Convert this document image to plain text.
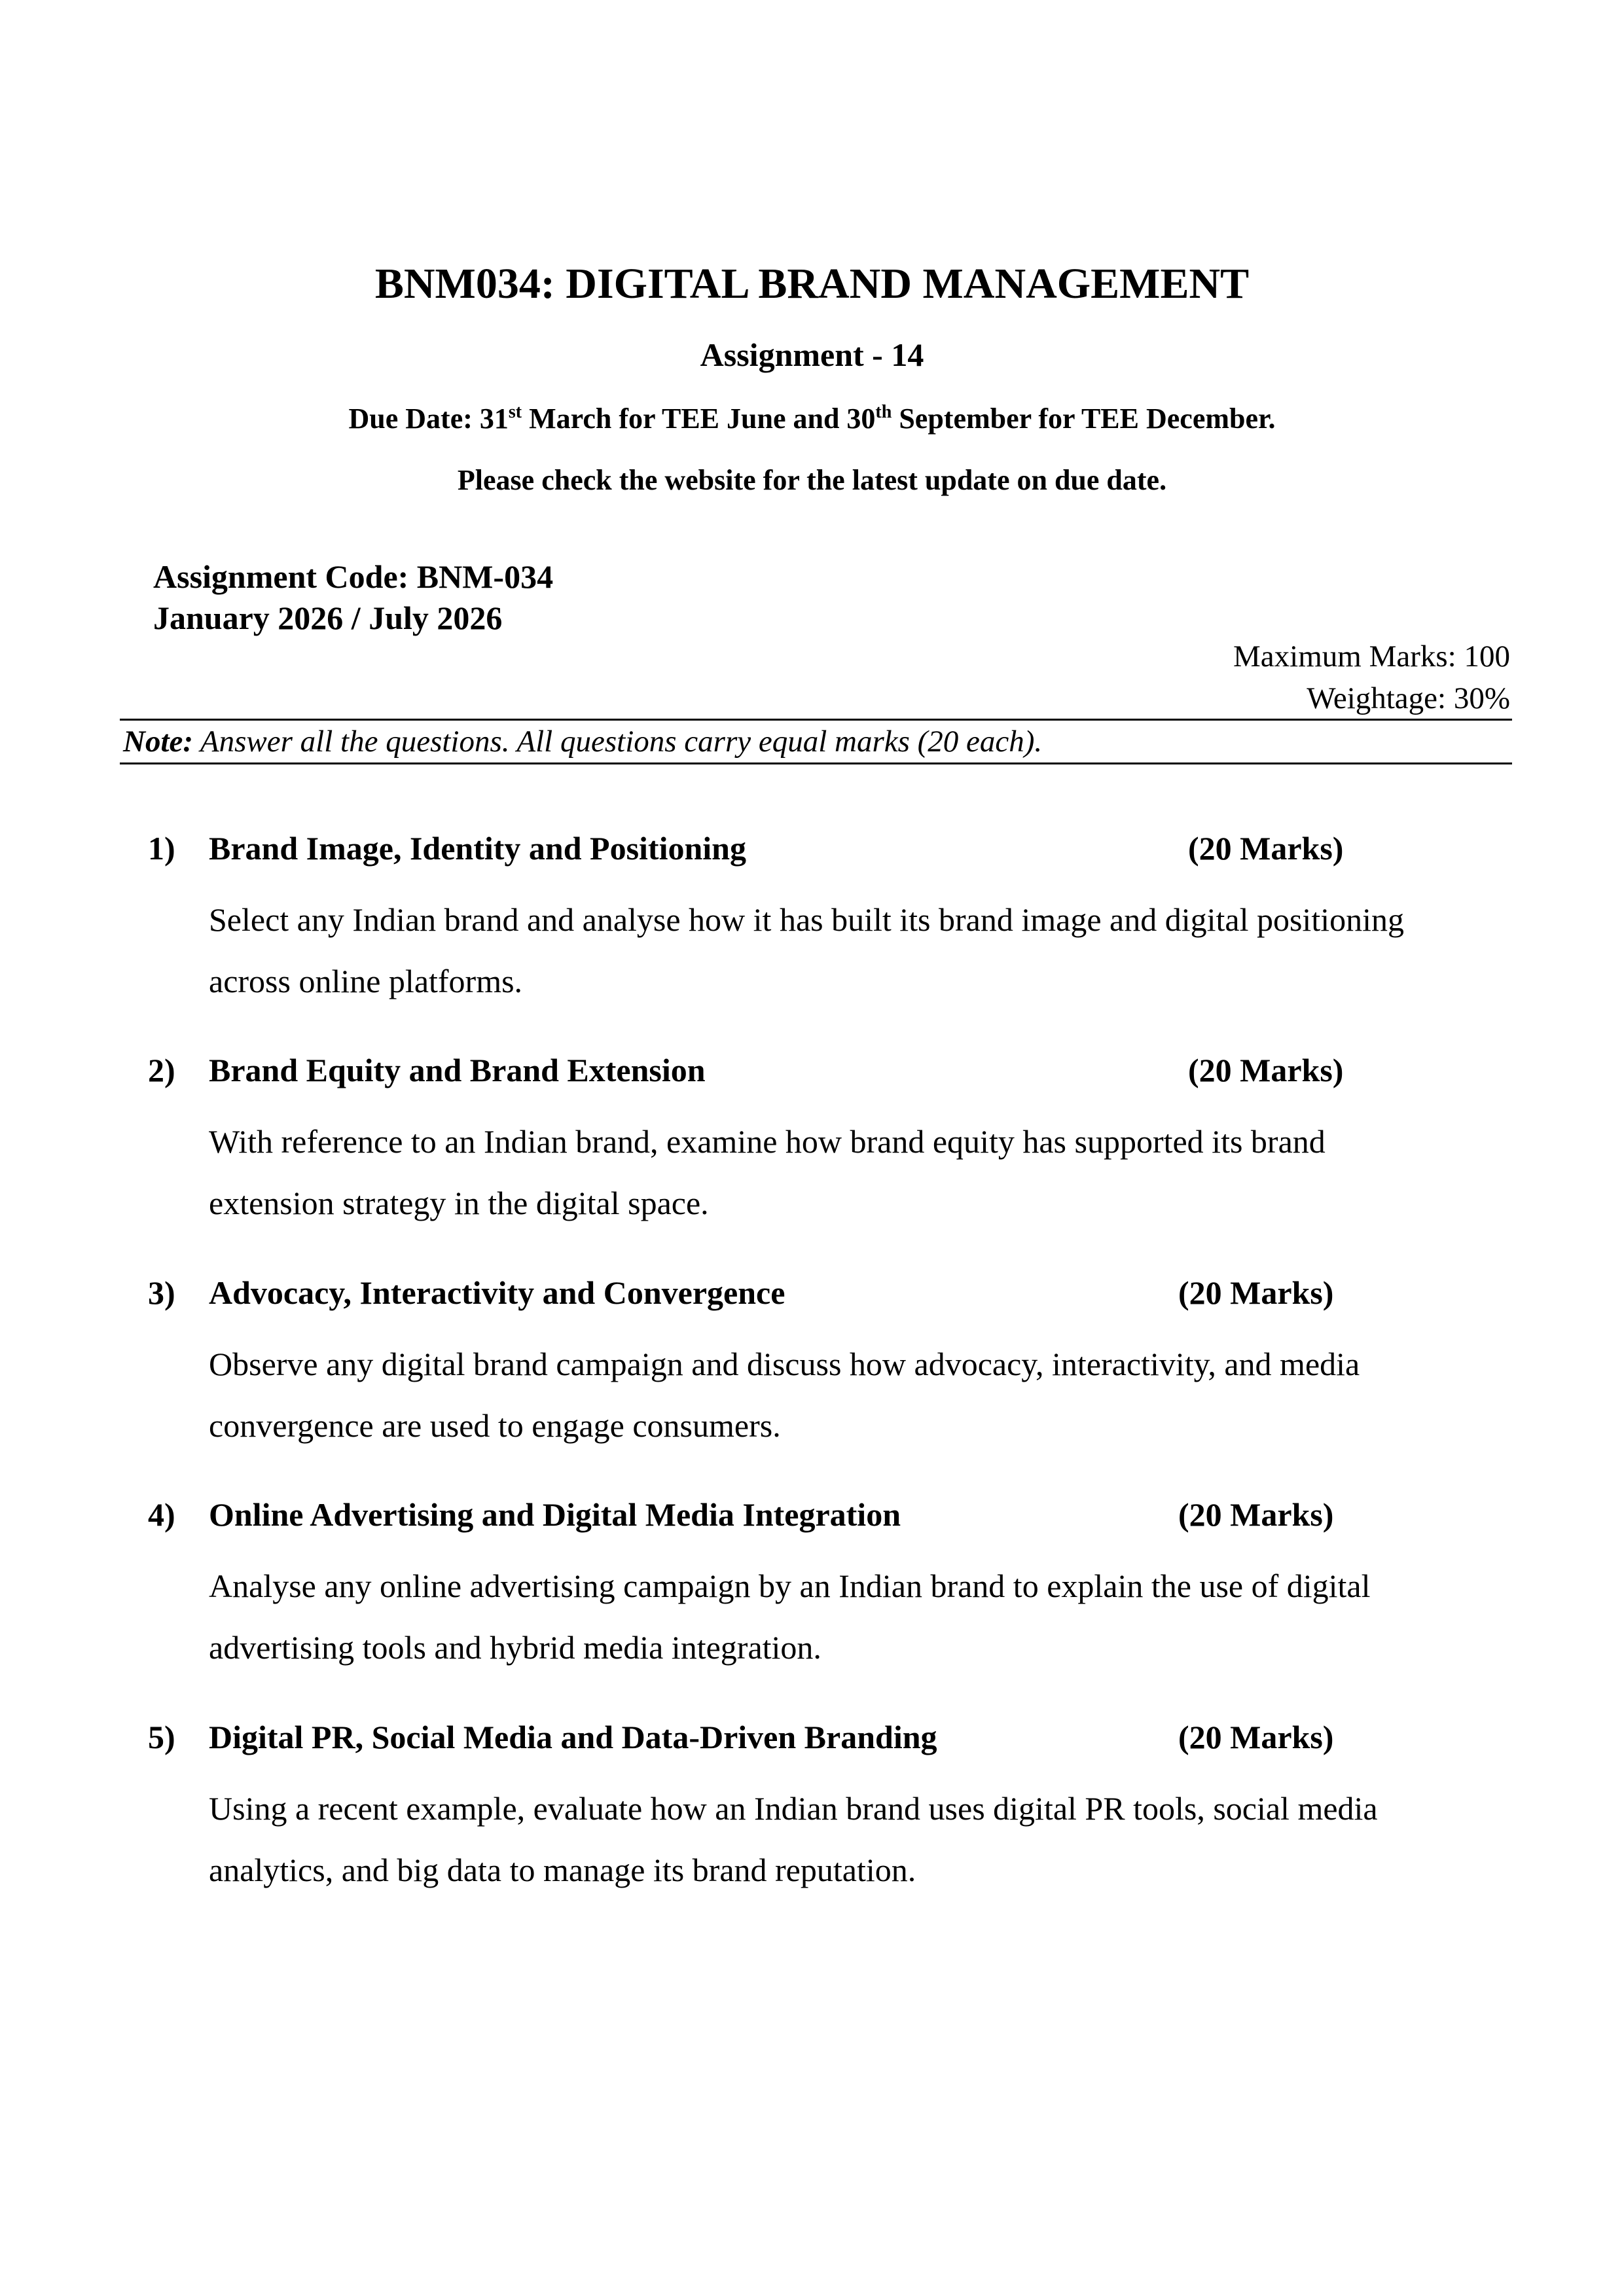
BNM034: DIGITAL BRAND MANAGEMENT
Assignment - 14
Due Date: 31st March for TEE June and 30th September for TEE December.
Please check the website for the latest update on due date.
Assignment Code: BNM-034
January 2026 / July 2026
Maximum Marks: 100
Weightage: 30%
Note: Answer all the questions. All questions carry equal marks (20 each).
1) Brand Image, Identity and Positioning	(20 Marks)
Select any Indian brand and analyse how it has built its brand image and digital positioning
across online platforms.
2) Brand Equity and Brand Extension	(20 Marks)
With reference to an Indian brand, examine how brand equity has supported its brand
extension strategy in the digital space.
3) Advocacy, Interactivity and Convergence	(20 Marks)
Observe any digital brand campaign and discuss how advocacy, interactivity, and media
convergence are used to engage consumers.
4) Online Advertising and Digital Media Integration	(20 Marks)
Analyse any online advertising campaign by an Indian brand to explain the use of digital
advertising tools and hybrid media integration.
5) Digital PR, Social Media and Data-Driven Branding	(20 Marks)
Using a recent example, evaluate how an Indian brand uses digital PR tools, social media
analytics, and big data to manage its brand reputation.
